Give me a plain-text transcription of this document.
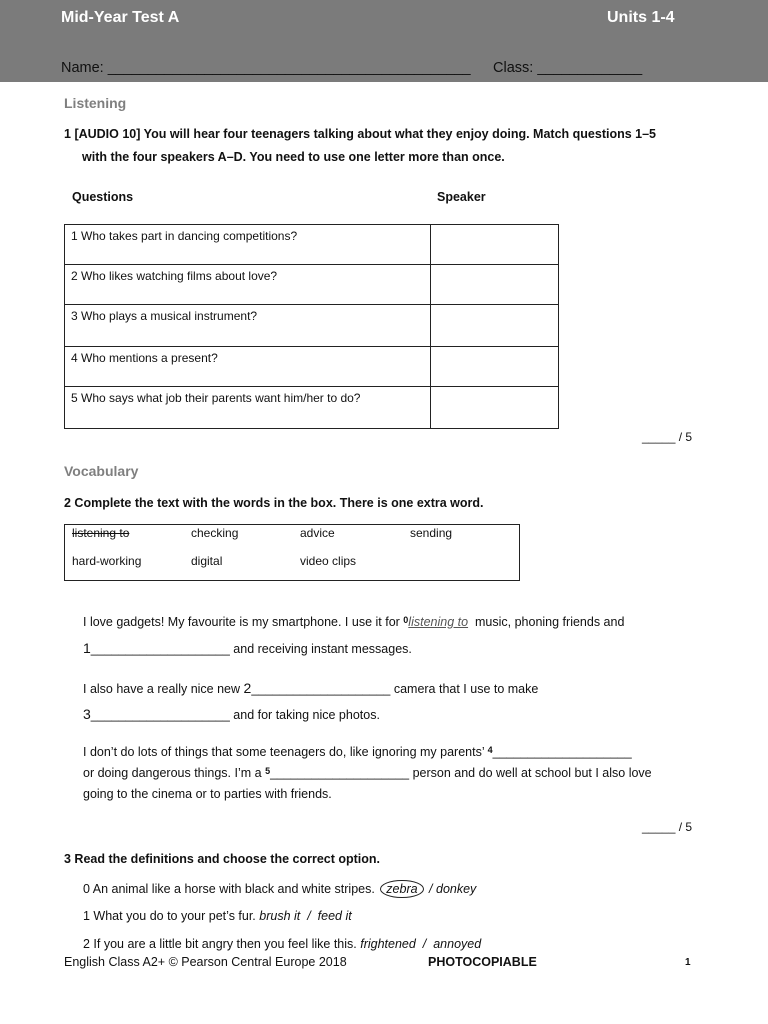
Mid-Year Test A	Units 1-4
Name: _____________________________________________ Class: _____________
Listening
1 [AUDIO 10] You will hear four teenagers talking about what they enjoy doing. Match questions 1–5
with the four speakers A–D. You need to use one letter more than once.
Questions	Speaker
1 Who takes part in dancing competitions?	
2 Who likes watching films about love?	
3 Who plays a musical instrument?	
4 Who mentions a present?	
5 Who says what job their parents want him/her to do?	
_____ / 5
Vocabulary
2 Complete the text with the words in the box. There is one extra word.
listening to	checking	advice	sending
hard-working	digital	video clips
I love gadgets! My favourite is my smartphone. I use it for $^0$listening to  music, phoning friends and
1____________________ and receiving instant messages.
I also have a really nice new 2____________________ camera that I use to make
3____________________ and for taking nice photos.
I don’t do lots of things that some teenagers do, like ignoring my parents’ $^4$____________________
or doing dangerous things. I’m a $^5$____________________ person and do well at school but I also love
going to the cinema or to parties with friends.
_____ / 5
3 Read the definitions and choose the correct option.
0 An animal like a horse with black and white stripes. zebra / donkey
1 What you do to your pet’s fur. brush it  /  feed it
2 If you are a little bit angry then you feel like this. frightened  /  annoyed
English Class A2+ © Pearson Central Europe 2018	PHOTOCOPIABLE	1
